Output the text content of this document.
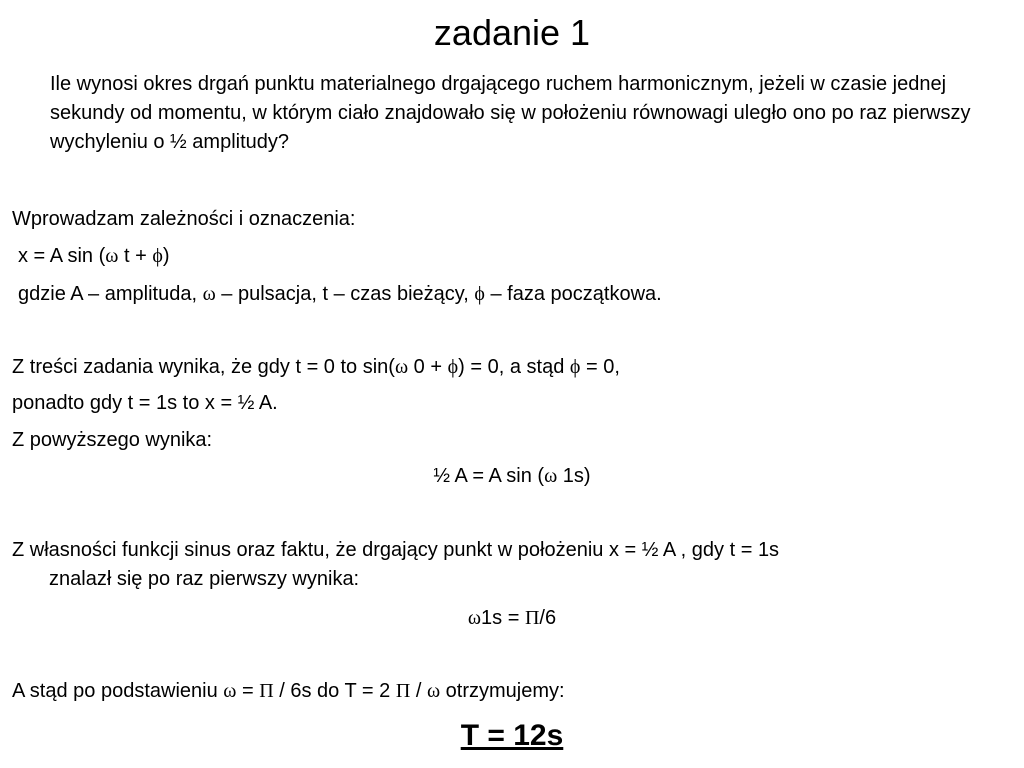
zadanie 1
Ile wynosi okres drgań punktu materialnego drgającego ruchem harmonicznym, jeżeli w czasie jednej sekundy od momentu, w którym ciało znajdowało się w położeniu równowagi uległo ono po raz pierwszy wychyleniu o ½ amplitudy?
Wprowadzam zależności i oznaczenia:
x = A sin (ω t + ϕ)
gdzie A – amplituda, ω – pulsacja, t – czas bieżący, ϕ – faza początkowa.
Z treści zadania wynika, że gdy t = 0 to sin(ω 0 + ϕ) = 0, a stąd ϕ = 0,
ponadto gdy t = 1s to x = ½ A.
Z powyższego wynika:
½ A = A sin (ω 1s)
Z własności funkcji sinus oraz faktu, że drgający punkt w położeniu x = ½ A , gdy t = 1s
znalazł się po raz pierwszy wynika:
ω1s = Π/6
A stąd po podstawieniu ω = Π / 6s do T = 2 Π / ω otrzymujemy:
T = 12s
